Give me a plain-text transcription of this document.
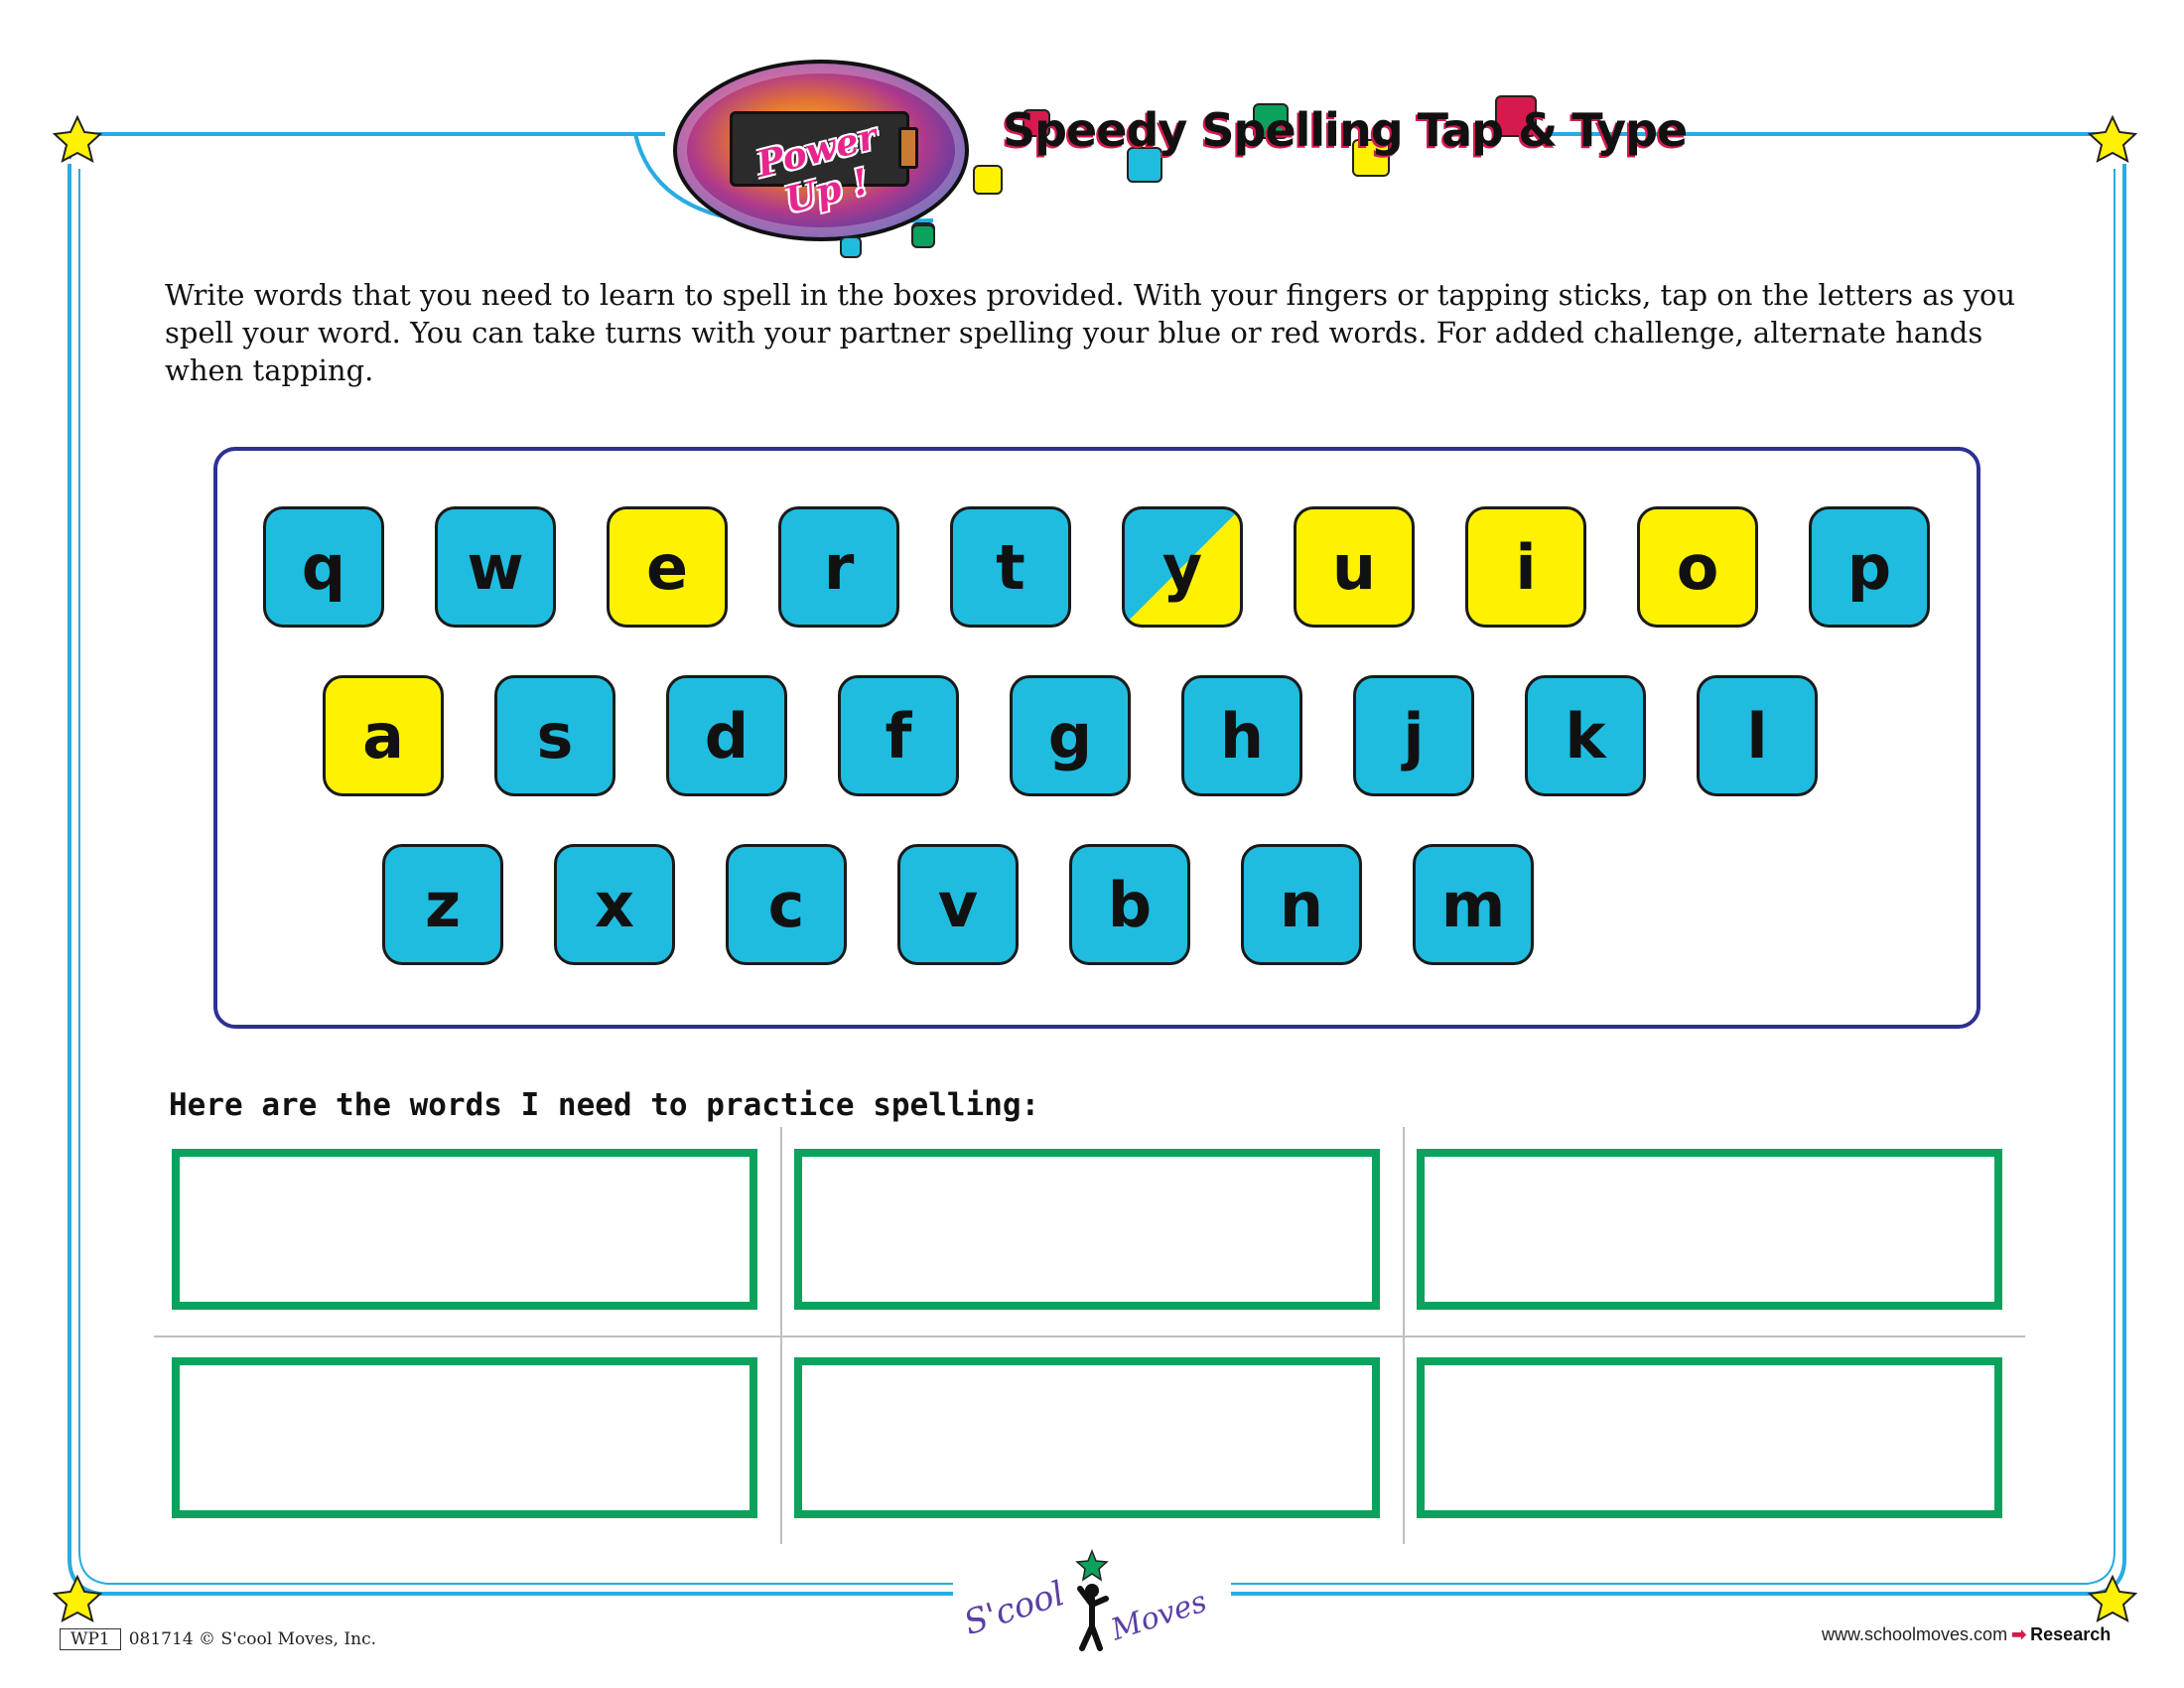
Power Up !
Speedy Spelling Tap & Type
Write words that you need to learn to spell in the boxes provided. With your fingers or tapping sticks, tap on the letters as you spell your word. You can take turns with your partner spelling your blue or red words. For added challenge, alternate hands when tapping.
q	w	e	r	t	y	u	i	o	p
a	s	d	f	g	h	j	k	l
z	x	c	v	b	n	m
Here are the words I need to practice spelling:
S'cool Moves
WP1 081714 © S'cool Moves, Inc.	www.schoolmoves.com ➡ Research
